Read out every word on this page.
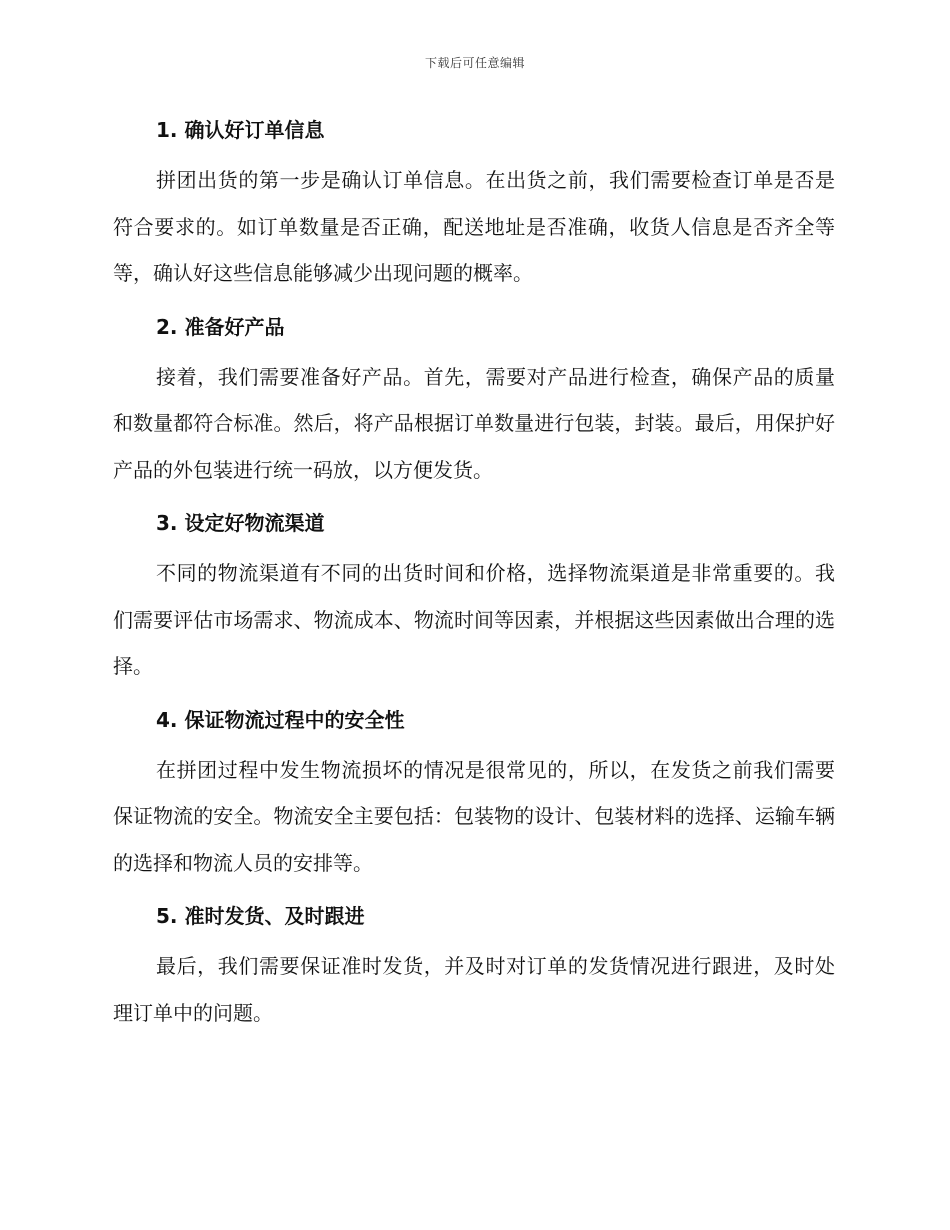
下载后可任意编辑
1. 确认好订单信息

拼团出货的第一步是确认订单信息。在出货之前，我们需要检查订单是否是符合要求的。如订单数量是否正确，配送地址是否准确，收货人信息是否齐全等等，确认好这些信息能够减少出现问题的概率。

2. 准备好产品

接着，我们需要准备好产品。首先，需要对产品进行检查，确保产品的质量和数量都符合标准。然后，将产品根据订单数量进行包装，封装。最后，用保护好产品的外包装进行统一码放，以方便发货。

3. 设定好物流渠道

不同的物流渠道有不同的出货时间和价格，选择物流渠道是非常重要的。我们需要评估市场需求、物流成本、物流时间等因素，并根据这些因素做出合理的选择。

4. 保证物流过程中的安全性

在拼团过程中发生物流损坏的情况是很常见的，所以，在发货之前我们需要保证物流的安全。物流安全主要包括：包装物的设计、包装材料的选择、运输车辆的选择和物流人员的安排等。

5. 准时发货、及时跟进

最后，我们需要保证准时发货，并及时对订单的发货情况进行跟进，及时处理订单中的问题。
